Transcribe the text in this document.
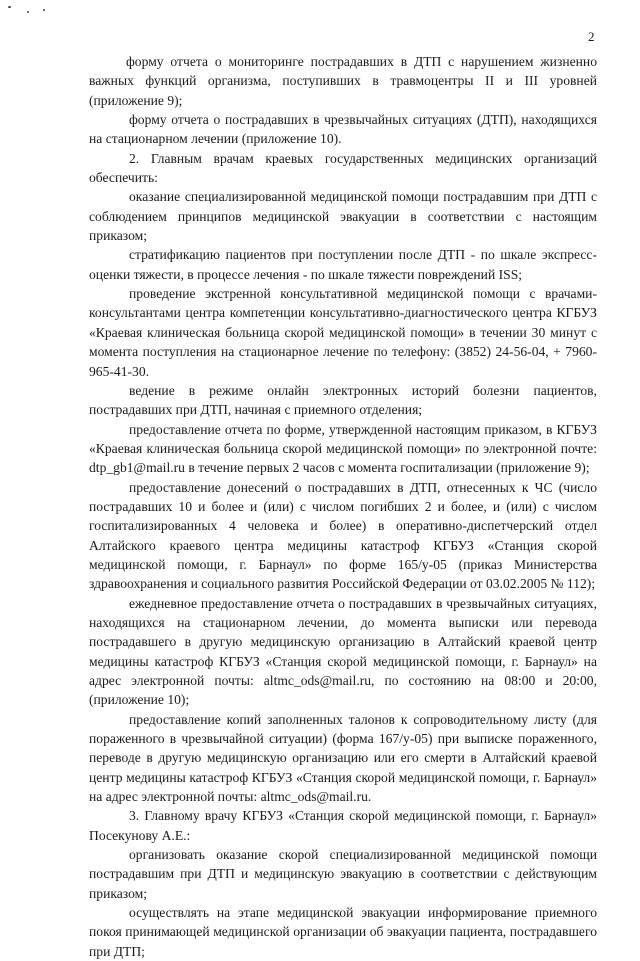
2

форму отчета о мониторинге пострадавших в ДТП с нарушением жизненно важных функций организма, поступивших в травмоцентры II и III уровней (приложение 9);

форму отчета о пострадавших в чрезвычайных ситуациях (ДТП), находящихся на стационарном лечении (приложение 10).

2. Главным врачам краевых государственных медицинских организаций обеспечить:

оказание специализированной медицинской помощи пострадавшим при ДТП с соблюдением принципов медицинской эвакуации в соответствии с настоящим приказом;

стратификацию пациентов при поступлении после ДТП - по шкале экспресс-оценки тяжести, в процессе лечения - по шкале тяжести повреждений ISS;

проведение экстренной консультативной медицинской помощи с врачами-консультантами центра компетенции консультативно-диагностического центра КГБУЗ «Краевая клиническая больница скорой медицинской помощи» в течении 30 минут с момента поступления на стационарное лечение по телефону: (3852) 24-56-04, + 7960-965-41-30.

ведение в режиме онлайн электронных историй болезни пациентов, пострадавших при ДТП, начиная с приемного отделения;

предоставление отчета по форме, утвержденной настоящим приказом, в КГБУЗ «Краевая клиническая больница скорой медицинской помощи» по электронной почте: dtp_gb1@mail.ru в течение первых 2 часов с момента госпитализации (приложение 9);

предоставление донесений о пострадавших в ДТП, отнесенных к ЧС (число пострадавших 10 и более и (или) с числом погибших 2 и более, и (или) с числом госпитализированных 4 человека и более) в оперативно-диспетчерский отдел Алтайского краевого центра медицины катастроф КГБУЗ «Станция скорой медицинской помощи, г. Барнаул» по форме 165/у-05 (приказ Министерства здравоохранения и социального развития Российской Федерации от 03.02.2005 № 112);

ежедневное предоставление отчета о пострадавших в чрезвычайных ситуациях, находящихся на стационарном лечении, до момента выписки или перевода пострадавшего в другую медицинскую организацию в Алтайский краевой центр медицины катастроф КГБУЗ «Станция скорой медицинской помощи, г. Барнаул» на адрес электронной почты: altmc_ods@mail.ru, по состоянию на 08:00 и 20:00, (приложение 10);

предоставление копий заполненных талонов к сопроводительному листу (для пораженного в чрезвычайной ситуации) (форма 167/у-05) при выписке пораженного, переводе в другую медицинскую организацию или его смерти в Алтайский краевой центр медицины катастроф КГБУЗ «Станция скорой медицинской помощи, г. Барнаул» на адрес электронной почты: altmc_ods@mail.ru.

3. Главному врачу КГБУЗ «Станция скорой медицинской помощи, г. Барнаул» Посекунову А.Е.:

организовать оказание скорой специализированной медицинской помощи пострадавшим при ДТП и медицинскую эвакуацию в соответствии с действующим приказом;

осуществлять на этапе медицинской эвакуации информирование приемного покоя принимающей медицинской организации об эвакуации пациента, пострадавшего при ДТП;
